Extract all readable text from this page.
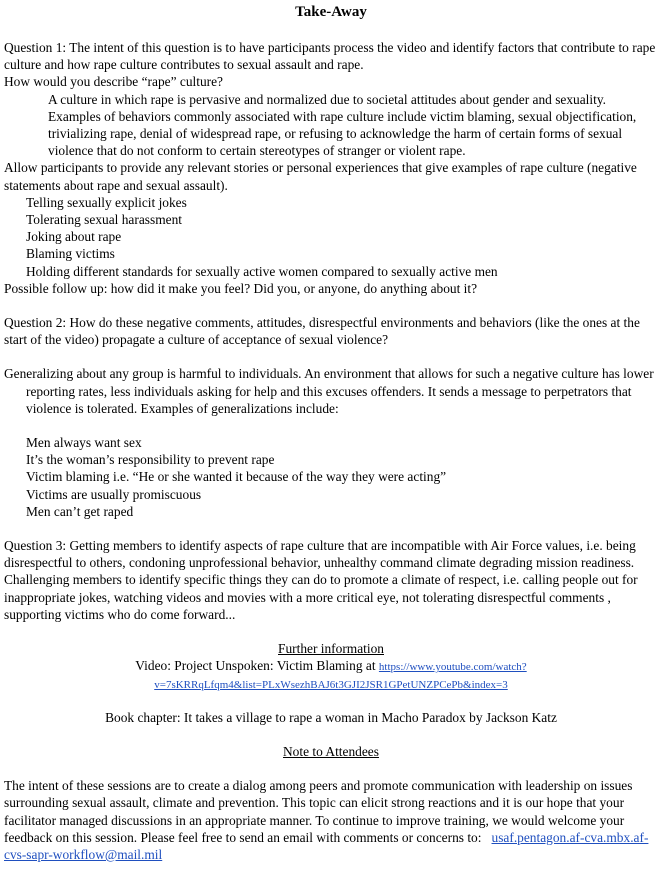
Take-Away

Question 1: The intent of this question is to have participants process the video and identify factors that contribute to rape culture and how rape culture contributes to sexual assault and rape.

How would you describe “rape” culture?

A culture in which rape is pervasive and normalized due to societal attitudes about gender and sexuality. Examples of behaviors commonly associated with rape culture include victim blaming, sexual objectification, trivializing rape, denial of widespread rape, or refusing to acknowledge the harm of certain forms of sexual violence that do not conform to certain stereotypes of stranger or violent rape.

Allow participants to provide any relevant stories or personal experiences that give examples of rape culture (negative statements about rape and sexual assault).

Telling sexually explicit jokes

Tolerating sexual harassment

Joking about rape

Blaming victims

Holding different standards for sexually active women compared to sexually active men

Possible follow up: how did it make you feel? Did you, or anyone, do anything about it?

Question 2: How do these negative comments, attitudes, disrespectful environments and behaviors (like the ones at the start of the video) propagate a culture of acceptance of sexual violence?

Generalizing about any group is harmful to individuals. An environment that allows for such a negative culture has lower reporting rates, less individuals asking for help and this excuses offenders. It sends a message to perpetrators that violence is tolerated. Examples of generalizations include:

Men always want sex

It’s the woman’s responsibility to prevent rape

Victim blaming i.e. “He or she wanted it because of the way they were acting”

Victims are usually promiscuous

Men can’t get raped

Question 3: Getting members to identify aspects of rape culture that are incompatible with Air Force values, i.e. being disrespectful to others, condoning unprofessional behavior, unhealthy command climate degrading mission readiness. Challenging members to identify specific things they can do to promote a climate of respect, i.e. calling people out for inappropriate jokes, watching videos and movies with a more critical eye, not tolerating disrespectful comments , supporting victims who do come forward...

Further information

Video: Project Unspoken: Victim Blaming at https://www.youtube.com/watch?
v=7sKRRqLfqm4&list=PLxWsezhBAJ6t3GJI2JSR1GPetUNZPCePb&index=3

Book chapter: It takes a village to rape a woman in Macho Paradox by Jackson Katz

Note to Attendees

The intent of these sessions are to create a dialog among peers and promote communication with leadership on issues surrounding sexual assault, climate and prevention. This topic can elicit strong reactions and it is our hope that your facilitator managed discussions in an appropriate manner. To continue to improve training, we would welcome your feedback on this session. Please feel free to send an email with comments or concerns to: usaf.pentagon.af-cva.mbx.af-cvs-sapr-workflow@mail.mil
